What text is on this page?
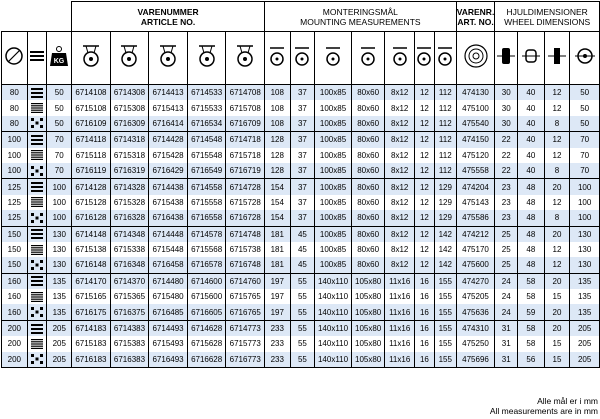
			VARENUMMER
ARTICLE NO.					MONTERINGSMÅL
MOUNTING MEASUREMENTS							VARENR.
ART. NO.	HJULDIMENSIONER
WHEEL DIMENSIONS			

KG

80		50	6714108	6714308	6714413	6714533	6714708	108	37	100x85	80x60	8x12	12	112	474130	30	40	12	50
80		50	6715108	6715308	6715413	6715533	6715708	108	37	100x85	80x60	8x12	12	112	475100	30	40	12	50
80		50	6716109	6716309	6716414	6716534	6716709	108	37	100x85	80x60	8x12	12	112	475540	30	40	8	50
100		70	6714118	6714318	6714428	6714548	6714718	128	37	100x85	80x60	8x12	12	112	474150	22	40	12	70
100		70	6715118	6715318	6715428	6715548	6715718	128	37	100x85	80x60	8x12	12	112	475120	22	40	12	70
100		70	6716119	6716319	6716429	6716549	6716719	128	37	100x85	80x60	8x12	12	112	475558	22	40	8	70
125		100	6714128	6714328	6714438	6714558	6714728	154	37	100x85	80x60	8x12	12	129	474204	23	48	20	100
125		100	6715128	6715328	6715438	6715558	6715728	154	37	100x85	80x60	8x12	12	129	475143	23	48	12	100
125		100	6716128	6716328	6716438	6716558	6716728	154	37	100x85	80x60	8x12	12	129	475586	23	48	8	100
150		130	6714148	6714348	6714448	6714578	6714748	181	45	100x85	80x60	8x12	12	142	474212	25	48	20	130
150		130	6715138	6715338	6715448	6715568	6715738	181	45	100x85	80x60	8x12	12	142	475170	25	48	12	130
150		130	6716148	6716348	6716458	6716578	6716748	181	45	100x85	80x60	8x12	12	142	475600	25	48	12	130
160		135	6714170	6714370	6714480	6714600	6714760	197	55	140x110	105x80	11x16	16	155	474270	24	58	20	135
160		135	6715165	6715365	6715480	6715600	6715765	197	55	140x110	105x80	11x16	16	155	475205	24	58	15	135
160		135	6716175	6716375	6716485	6716605	6716765	197	55	140x110	105x80	11x16	16	155	475636	24	59	20	135
200		205	6714183	6714383	6714493	6714628	6714773	233	55	140x110	105x80	11x16	16	155	474310	31	58	20	205
200		205	6715183	6715383	6715493	6715628	6715773	233	55	140x110	105x80	11x16	16	155	475250	31	58	15	205
200		205	6716183	6716383	6716493	6716628	6716773	233	55	140x110	105x80	11x16	16	155	475696	31	56	15	205
Alle mål er i mm
All measurements are in mm
